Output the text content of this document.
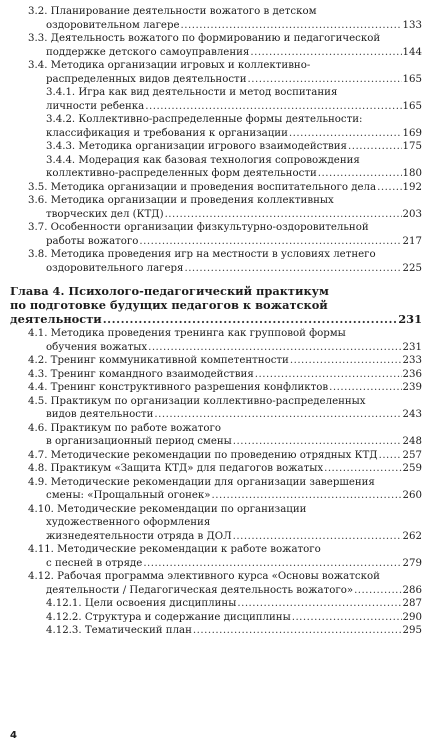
3.2. Планирование деятельности вожатого в детском
оздоровительном лагере .....	133
3.3. Деятельность вожатого по формированию и педагогической
поддержке детского самоуправления .....	144
3.4. Методика организации игровых и коллективно-
распределенных видов деятельности .....	165
3.4.1. Игра как вид деятельности и метод воспитания
личности ребенка .....	165
3.4.2. Коллективно-распределенные формы деятельности:
классификация и требования к организации .....	169
3.4.3. Методика организации игрового взаимодействия .....	175
3.4.4. Модерация как базовая технология сопровождения
коллективно-распределенных форм деятельности .....	180
3.5. Методика организации и проведения воспитательного дела .....	192
3.6. Методика организации и проведения коллективных
творческих дел (КТД) .....	203
3.7. Особенности организации физкультурно-оздоровительной
работы вожатого .....	217
3.8. Методика проведения игр на местности в условиях летнего
оздоровительного лагеря .....	225
Глава 4. Психолого-педагогический практикум
по подготовке будущих педагогов к вожатской
деятельности .....	231
4.1. Методика проведения тренинга как групповой формы
обучения вожатых .....	231
4.2. Тренинг коммуникативной компетентности .....	233
4.3. Тренинг командного взаимодействия .....	236
4.4. Тренинг конструктивного разрешения конфликтов .....	239
4.5. Практикум по организации коллективно-распределенных
видов деятельности .....	243
4.6. Практикум по работе вожатого
в организационный период смены .....	248
4.7. Методические рекомендации по проведению отрядных КТД ..... 257
4.8. Практикум «Защита КТД» для педагогов вожатых .....	259
4.9. Методические рекомендации для организации завершения
смены: «Прощальный огонек» .....	260
4.10. Методические рекомендации по организации
художественного оформления
жизнедеятельности отряда в ДОЛ .....	262
4.11. Методические рекомендации к работе вожатого
с песней в отряде .....	279
4.12. Рабочая программа элективного курса «Основы вожатской
деятельности / Педагогическая деятельность вожатого» .....	286
4.12.1. Цели освоения дисциплины .....	287
4.12.2. Структура и содержание дисциплины .....	290
4.12.3. Тематический план .....	295
4
